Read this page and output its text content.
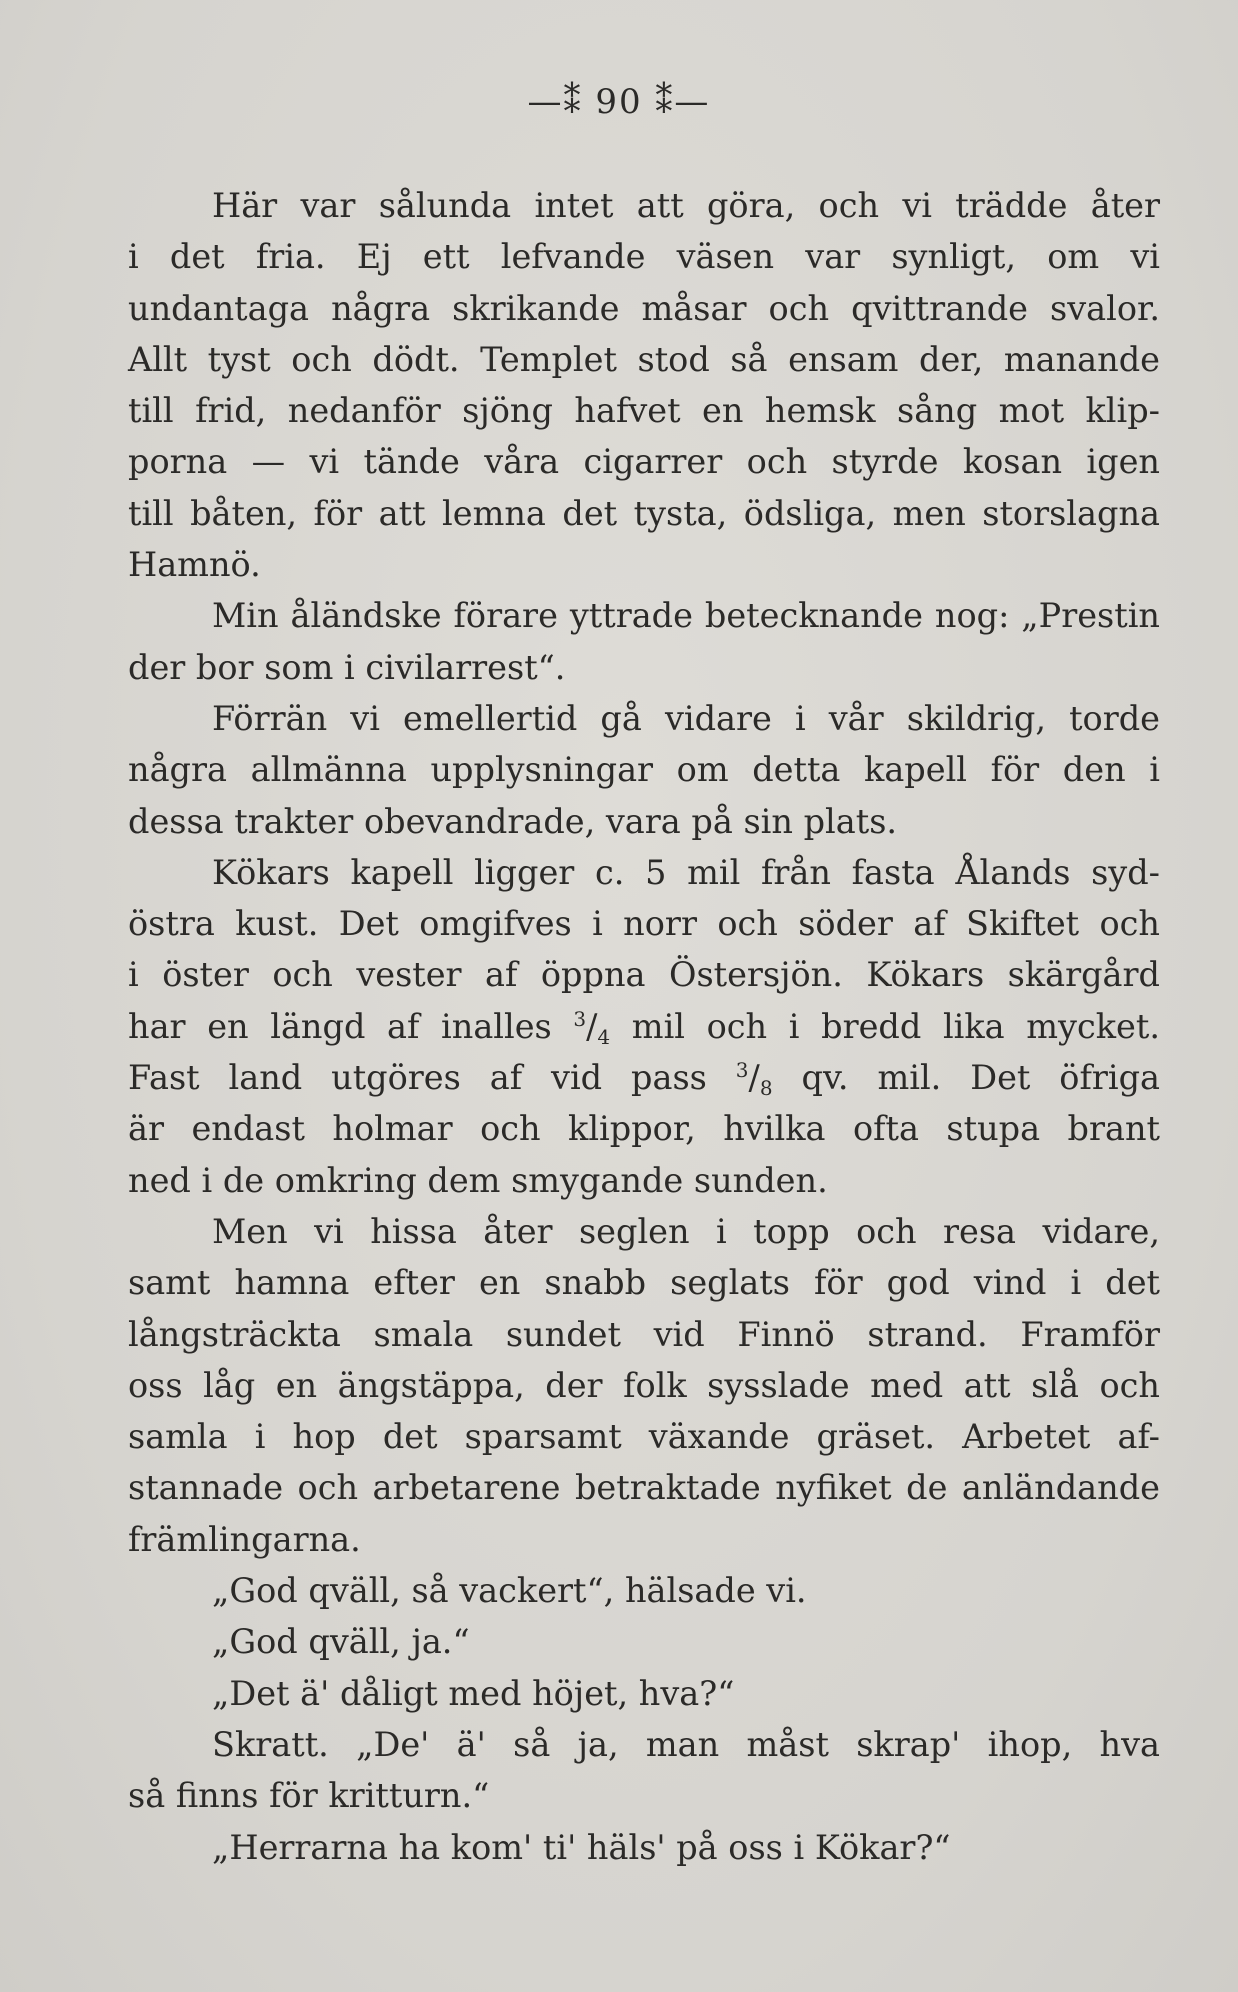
—⁑ 90 ⁑—
Här var sålunda intet att göra, och vi trädde åter
i det fria. Ej ett lefvande väsen var synligt, om vi
undantaga några skrikande måsar och qvittrande svalor.
Allt tyst och dödt. Templet stod så ensam der, manande
till frid, nedanför sjöng hafvet en hemsk sång mot klip-
porna — vi tände våra cigarrer och styrde kosan igen
till båten, för att lemna det tysta, ödsliga, men storslagna
Hamnö.
Min åländske förare yttrade betecknande nog: „Prestin
der bor som i civilarrest“.
Förrän vi emellertid gå vidare i vår skildrig, torde
några allmänna upplysningar om detta kapell för den i
dessa trakter obevandrade, vara på sin plats.
Kökars kapell ligger c. 5 mil från fasta Ålands syd-
östra kust. Det omgifves i norr och söder af Skiftet och
i öster och vester af öppna Östersjön. Kökars skärgård
har en längd af inalles $^3/_4$ mil och i bredd lika mycket.
Fast land utgöres af vid pass $^3/_8$ qv. mil. Det öfriga
är endast holmar och klippor, hvilka ofta stupa brant
ned i de omkring dem smygande sunden.
Men vi hissa åter seglen i topp och resa vidare,
samt hamna efter en snabb seglats för god vind i det
långsträckta smala sundet vid Finnö strand. Framför
oss låg en ängstäppa, der folk sysslade med att slå och
samla i hop det sparsamt växande gräset. Arbetet af-
stannade och arbetarene betraktade nyfiket de anländande
främlingarna.
„God qväll, så vackert“, hälsade vi.
„God qväll, ja.“
„Det ä' dåligt med höjet, hva?“
Skratt. „De' ä' så ja, man måst skrap' ihop, hva
så finns för kritturn.“
„Herrarna ha kom' ti' häls' på oss i Kökar?“
